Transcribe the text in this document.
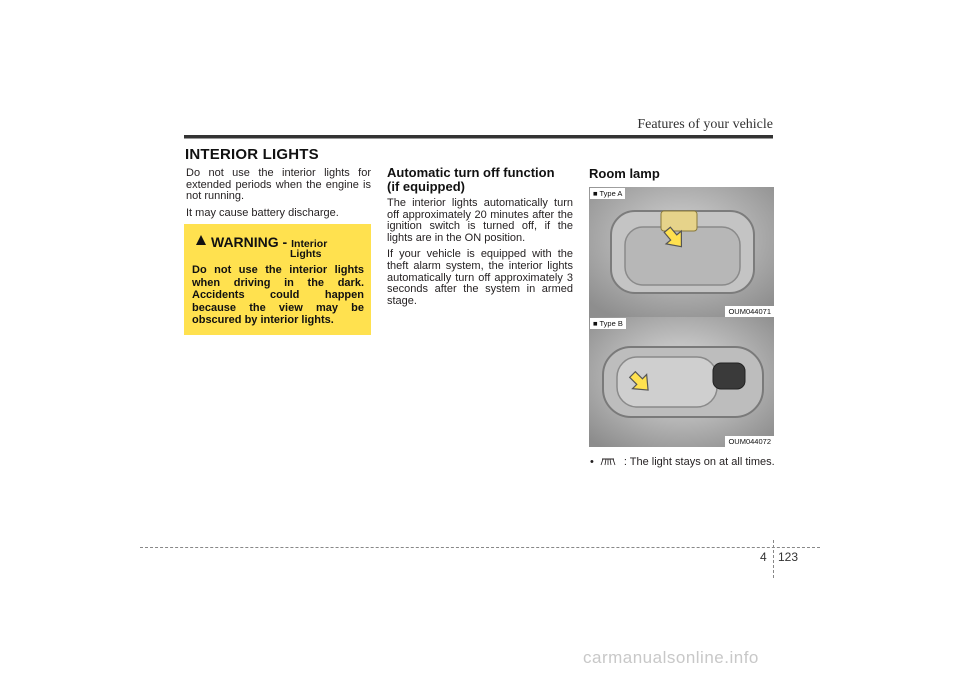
Features of your vehicle
INTERIOR LIGHTS

Do not use the interior lights for extended periods when the engine is not running.

It may cause battery discharge.

WARNING - Interior
Lights
Do not use the interior lights when driving in the dark. Accidents could happen because the view may be obscured by interior lights.
Automatic turn off function
(if equipped)

The interior lights automatically turn off approximately 20 minutes after the ignition switch is turned off, if the lights are in the ON position.

If your vehicle is equipped with the theft alarm system, the interior lights automatically turn off approximately 3 seconds after the system in armed stage.

Room lamp
■ Type A
OUM044071
■ Type B
OUM044072
•	: The light stays on at all times.
4 123
carmanualsonline.info
